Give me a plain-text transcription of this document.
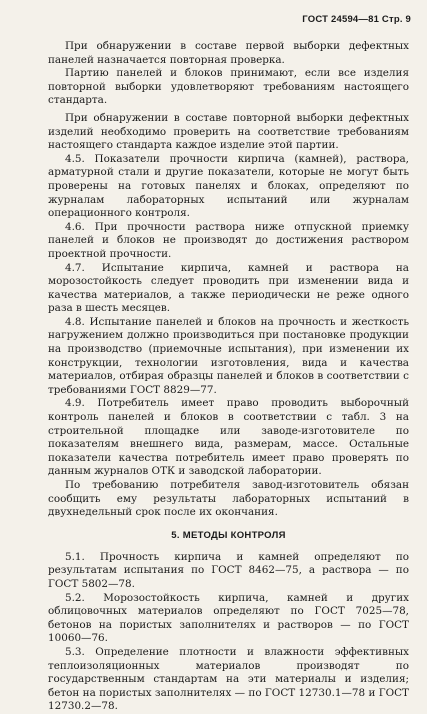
ГОСТ 24594—81 Стр. 9

При обнаружении в составе первой выборки дефектных панелей назначается повторная проверка.

Партию панелей и блоков принимают, если все изделия повторной выборки удовлетворяют требованиям настоящего стандарта.

При обнаружении в составе повторной выборки дефектных изделий необходимо проверить на соответствие требованиям настоящего стандарта каждое изделие этой партии.

4.5. Показатели прочности кирпича (камней), раствора, арматурной стали и другие показатели, которые не могут быть проверены на готовых панелях и блоках, определяют по журналам лабораторных испытаний или журналам операционного контроля.

4.6. При прочности раствора ниже отпускной приемку панелей и блоков не производят до достижения раствором проектной прочности.

4.7. Испытание кирпича, камней и раствора на морозостойкость следует проводить при изменении вида и качества материалов, а также периодически не реже одного раза в шесть месяцев.

4.8. Испытание панелей и блоков на прочность и жесткость нагружением должно производиться при постановке продукции на производство (приемочные испытания), при изменении их конструкции, технологии изготовления, вида и качества материалов, отбирая образцы панелей и блоков в соответствии с требованиями ГОСТ 8829—77.

4.9. Потребитель имеет право проводить выборочный контроль панелей и блоков в соответствии с табл. 3 на строительной площадке или заводе-изготовителе по показателям внешнего вида, размерам, массе. Остальные показатели качества потребитель имеет право проверять по данным журналов ОТК и заводской лаборатории.

По требованию потребителя завод-изготовитель обязан сообщить ему результаты лабораторных испытаний в двухнедельный срок после их окончания.

5. МЕТОДЫ КОНТРОЛЯ

5.1. Прочность кирпича и камней определяют по результатам испытания по ГОСТ 8462—75, а раствора — по ГОСТ 5802—78.

5.2. Морозостойкость кирпича, камней и других облицовочных материалов определяют по ГОСТ 7025—78, бетонов на пористых заполнителях и растворов — по ГОСТ 10060—76.

5.3. Определение плотности и влажности эффективных теплоизоляционных материалов производят по государственным стандартам на эти материалы и изделия; бетон на пористых заполнителях — по ГОСТ 12730.1—78 и ГОСТ 12730.2—78.
